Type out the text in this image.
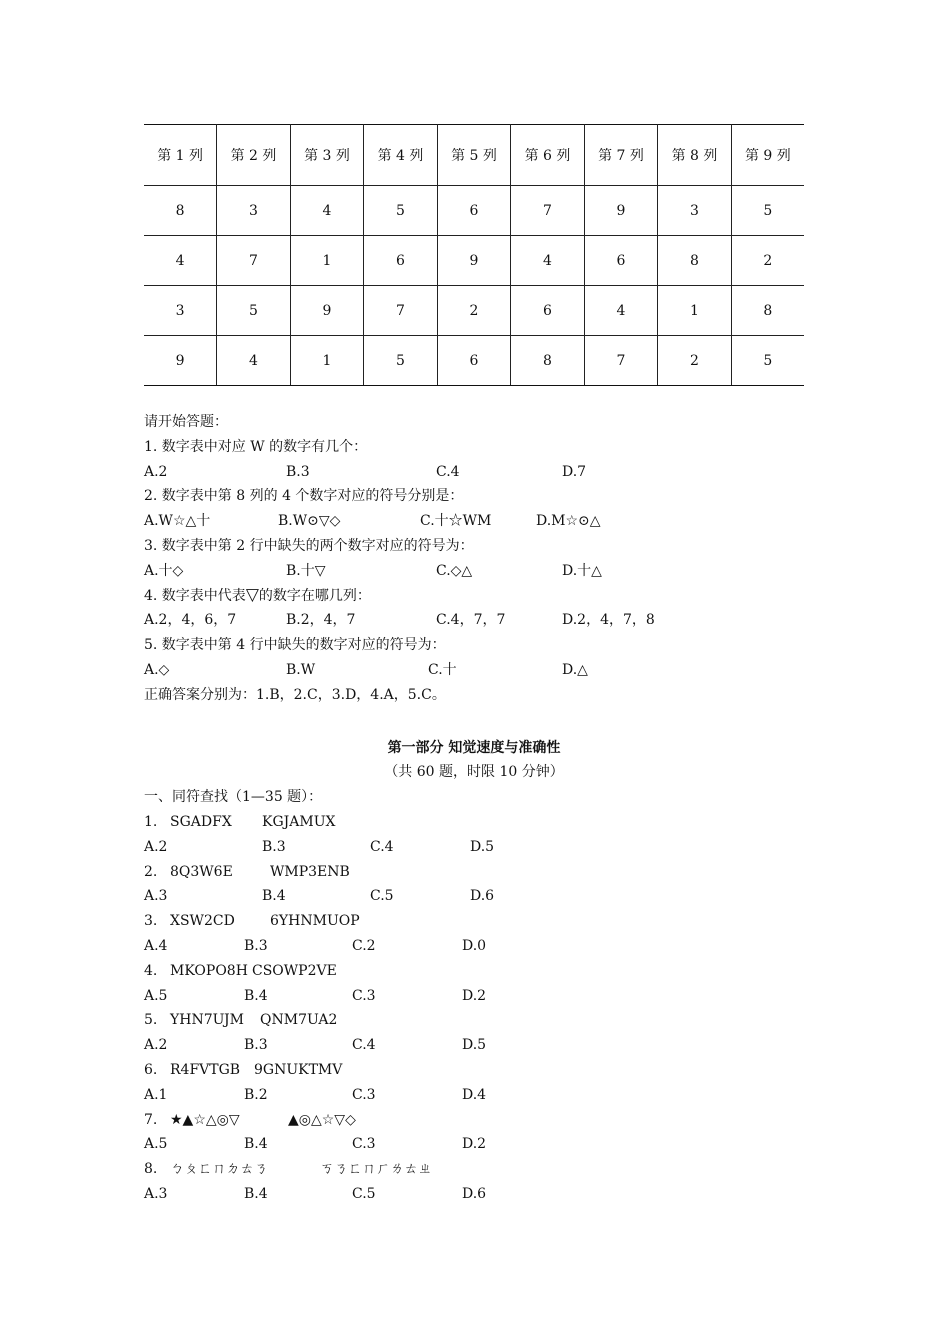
第 1 列	第 2 列	第 3 列	第 4 列	第 5 列	第 6 列	第 7 列	第 8 列	第 9 列
8	3	4	5	6	7	9	3	5
4	7	1	6	9	4	6	8	2
3	5	9	7	2	6	4	1	8
9	4	1	5	6	8	7	2	5
请开始答题：
1. 数字表中对应 W 的数字有几个：
A.2	B.3	C.4	D.7
2. 数字表中第 8 列的 4 个数字对应的符号分别是：
A.W☆△十	B.W⊙▽◇	C.十☆WM	D.M☆⊙△
3. 数字表中第 2 行中缺失的两个数字对应的符号为：
A.十◇	B.十▽	C.◇△	D.十△
4. 数字表中代表▽的数字在哪几列：
A.2，4，6，7	B.2，4，7	C.4，7，7	D.2，4，7，8
5. 数字表中第 4 行中缺失的数字对应的符号为：
A.◇	B.W	C.十	D.△
正确答案分别为：1.B，2.C，3.D，4.A，5.C。
第一部分 知觉速度与准确性
（共 60 题，时限 10 分钟）
一、同符查找（1—35 题）：
1. SGADFX KGJAMUX
A.2	B.3	C.4	D.5
2. 8Q3W6E	WMP3ENB
A.3	B.4	C.5	D.6
3. XSW2CD	6YHNMUOP
A.4	B.3	C.2	D.0
4. MKOPO8H CSOWP2VE
A.5	B.4	C.3	D.2
5. YHN7UJM QNM7UA2
A.2	B.3	C.4	D.5
6. R4FVTGB 9GNUKTMV
A.1	B.2	C.3	D.4
7. ★▲☆△◎▽	▲◎△☆▽◇
A.5	B.4	C.3	D.2
8. ㄅㄆㄈㄇㄉㄊㄋ	ㄎㄋㄈㄇㄏㄌㄊㄓ
A.3	B.4	C.5	D.6
